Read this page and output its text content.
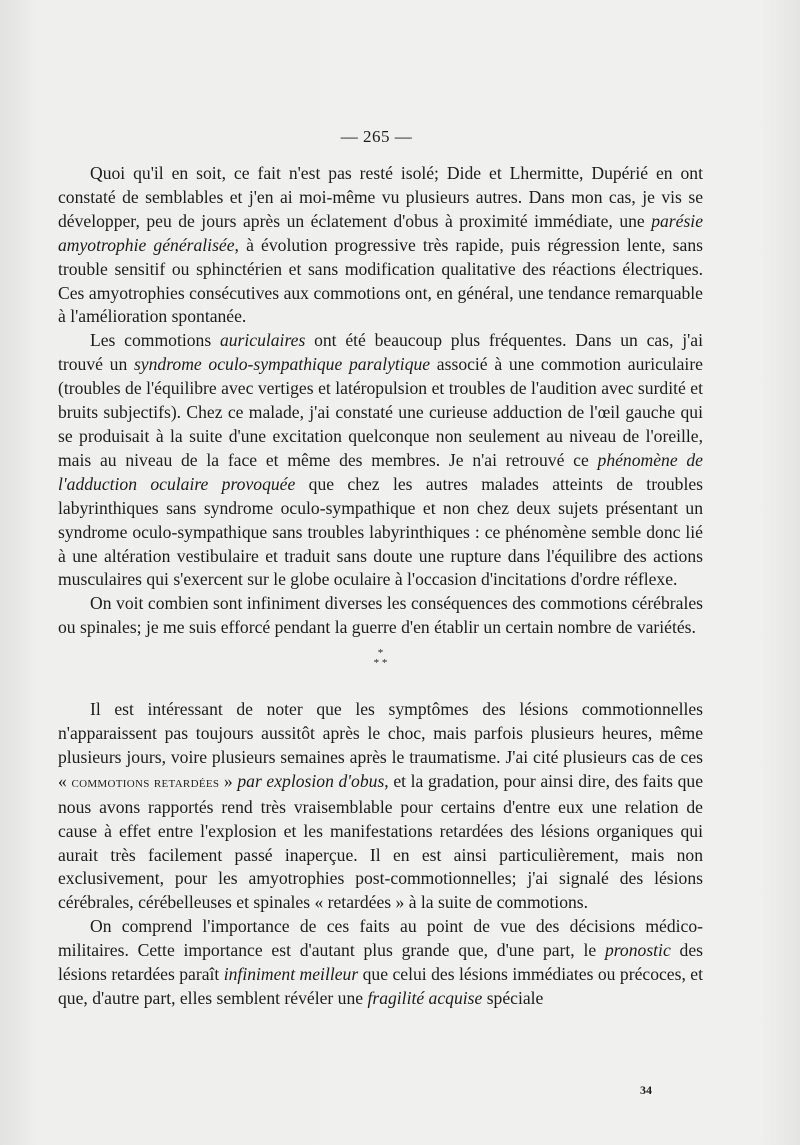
— 265 —

Quoi qu'il en soit, ce fait n'est pas resté isolé; Dide et Lhermitte, Dupérié en ont constaté de semblables et j'en ai moi-même vu plusieurs autres. Dans mon cas, je vis se développer, peu de jours après un éclatement d'obus à proximité immédiate, une parésie amyotrophie généralisée, à évolution progressive très rapide, puis régression lente, sans trouble sensitif ou sphinctérien et sans modification qualitative des réactions électriques. Ces amyotrophies consécutives aux commotions ont, en général, une tendance remarquable à l'amélioration spontanée.

Les commotions auriculaires ont été beaucoup plus fréquentes. Dans un cas, j'ai trouvé un syndrome oculo-sympathique paralytique associé à une commotion auriculaire (troubles de l'équilibre avec vertiges et latéropulsion et troubles de l'audition avec surdité et bruits subjectifs). Chez ce malade, j'ai constaté une curieuse adduction de l'œil gauche qui se produisait à la suite d'une excitation quelconque non seulement au niveau de l'oreille, mais au niveau de la face et même des membres. Je n'ai retrouvé ce phénomène de l'adduction oculaire provoquée que chez les autres malades atteints de troubles labyrinthiques sans syndrome oculo-sympathique et non chez deux sujets présentant un syndrome oculo-sympathique sans troubles labyrinthiques : ce phénomène semble donc lié à une altération vestibulaire et traduit sans doute une rupture dans l'équilibre des actions musculaires qui s'exercent sur le globe oculaire à l'occasion d'incitations d'ordre réflexe.

On voit combien sont infiniment diverses les conséquences des commotions cérébrales ou spinales; je me suis efforcé pendant la guerre d'en établir un certain nombre de variétés.

*
* *

Il est intéressant de noter que les symptômes des lésions commotionnelles n'apparaissent pas toujours aussitôt après le choc, mais parfois plusieurs heures, même plusieurs jours, voire plusieurs semaines après le traumatisme. J'ai cité plusieurs cas de ces « commotions retardées » par explosion d'obus, et la gradation, pour ainsi dire, des faits que nous avons rapportés rend très vraisemblable pour certains d'entre eux une relation de cause à effet entre l'explosion et les manifestations retardées des lésions organiques qui aurait très facilement passé inaperçue. Il en est ainsi particulièrement, mais non exclusivement, pour les amyotrophies post-commotionnelles; j'ai signalé des lésions cérébrales, cérébelleuses et spinales « retardées » à la suite de commotions.

On comprend l'importance de ces faits au point de vue des décisions médico-militaires. Cette importance est d'autant plus grande que, d'une part, le pronostic des lésions retardées paraît infiniment meilleur que celui des lésions immédiates ou précoces, et que, d'autre part, elles semblent révéler une fragilité acquise spéciale

34
